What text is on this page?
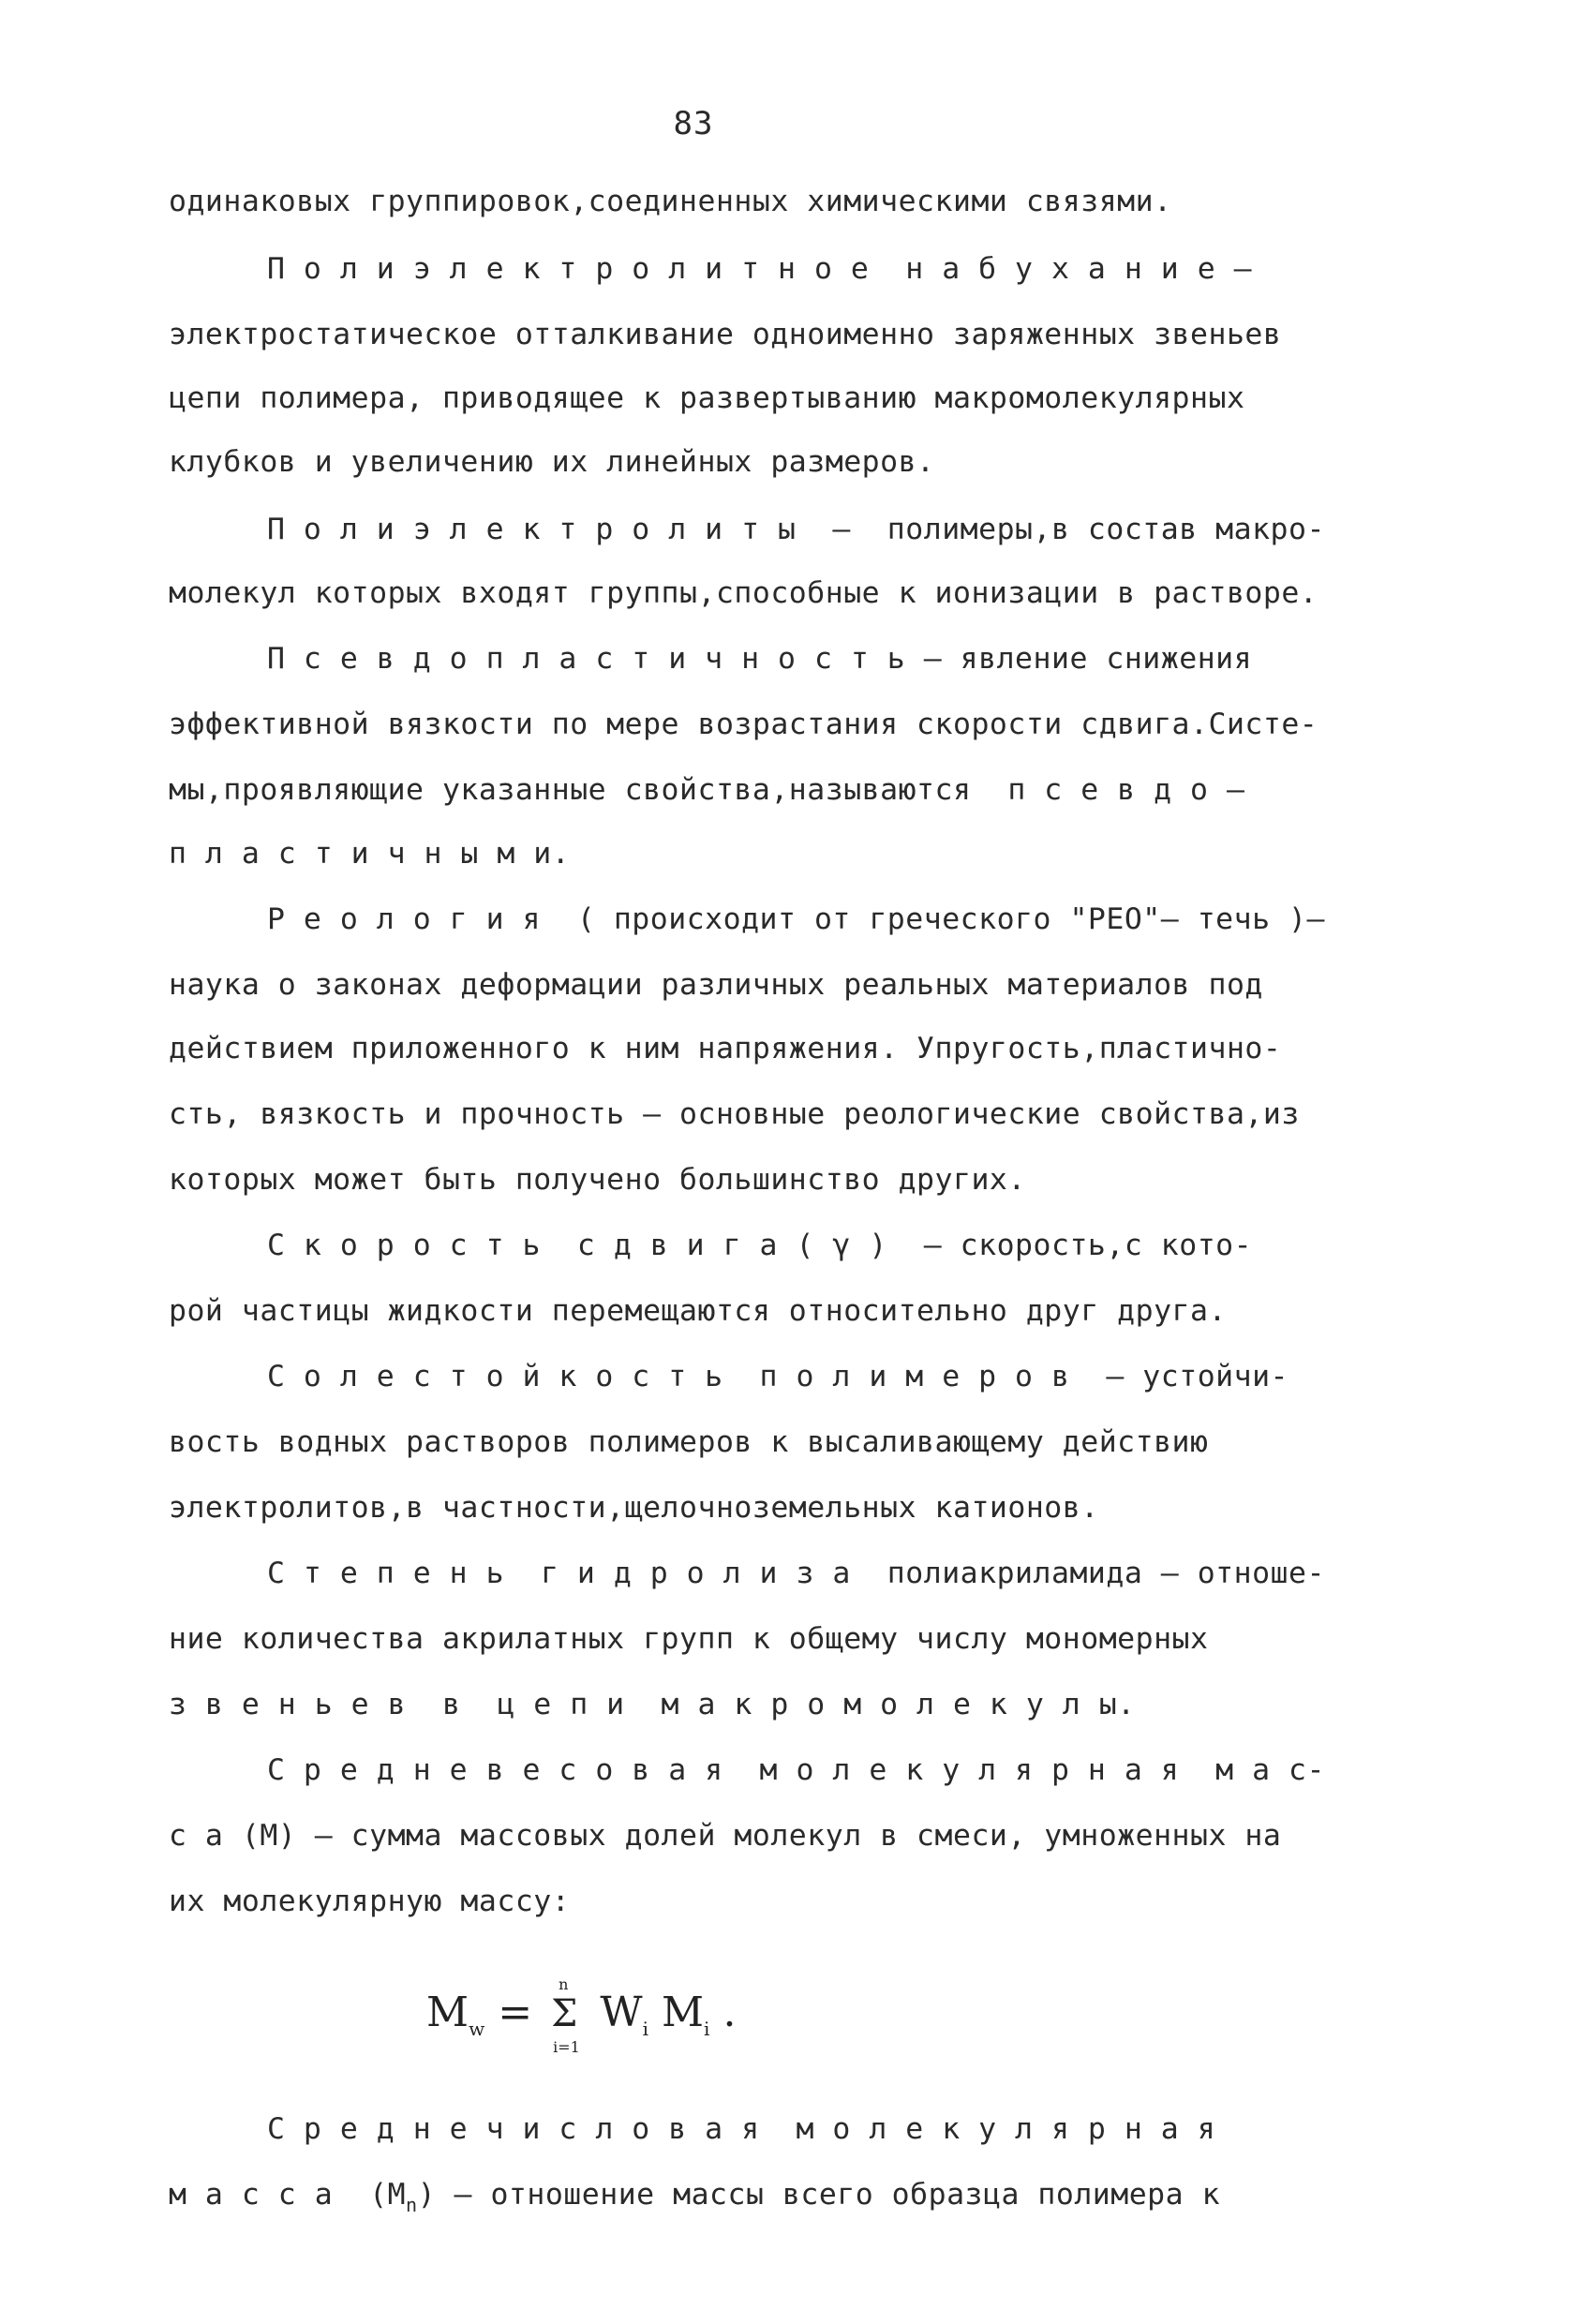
83
одинаковых группировок,соединенных химическими связями.
П о л и э л е к т р о л и т н о е  н а б у х а н и е –
электростатическое отталкивание одноименно заряженных звеньев
цепи полимера, приводящее к развертыванию макромолекулярных
клубков и увеличению их линейных размеров.
П о л и э л е к т р о л и т ы  –  полимеры,в состав макро-
молекул которых входят группы,способные к ионизации в растворе.
П с е в д о п л а с т и ч н о с т ь – явление снижения
эффективной вязкости по мере возрастания скорости сдвига.Систе-
мы,проявляющие указанные свойства,называются  п с е в д о –
п л а с т и ч н ы м и.
Р е о л о г и я  ( происходит от греческого "РЕО"– течь )–
наука о законах деформации различных реальных материалов под
действием приложенного к ним напряжения. Упругость,пластично-
сть, вязкость и прочность – основные реологические свойства,из
которых может быть получено большинство других.
С к о р о с т ь  с д в и г а ( γ )  – скорость,с кото-
рой частицы жидкости перемещаются относительно друг друга.
С о л е с т о й к о с т ь  п о л и м е р о в  – устойчи-
вость водных растворов полимеров к высаливающему действию
электролитов,в частности,щелочноземельных катионов.
С т е п е н ь  г и д р о л и з а  полиакриламида – отноше-
ние количества акрилатных групп к общему числу мономерных
з в е н ь е в  в  ц е п и  м а к р о м о л е к у л ы.
С р е д н е в е с о в а я  м о л е к у л я р н а я  м а с-
с а (М) – сумма массовых долей молекул в смеси, умноженных на
их молекулярную массу:
$M_w$ =
n
Σ
i=1
$W_i$ $M_i$ .
С р е д н е ч и с л о в а я  м о л е к у л я р н а я
м а с с а  $(М_n)$ – отношение массы всего образца полимера к
